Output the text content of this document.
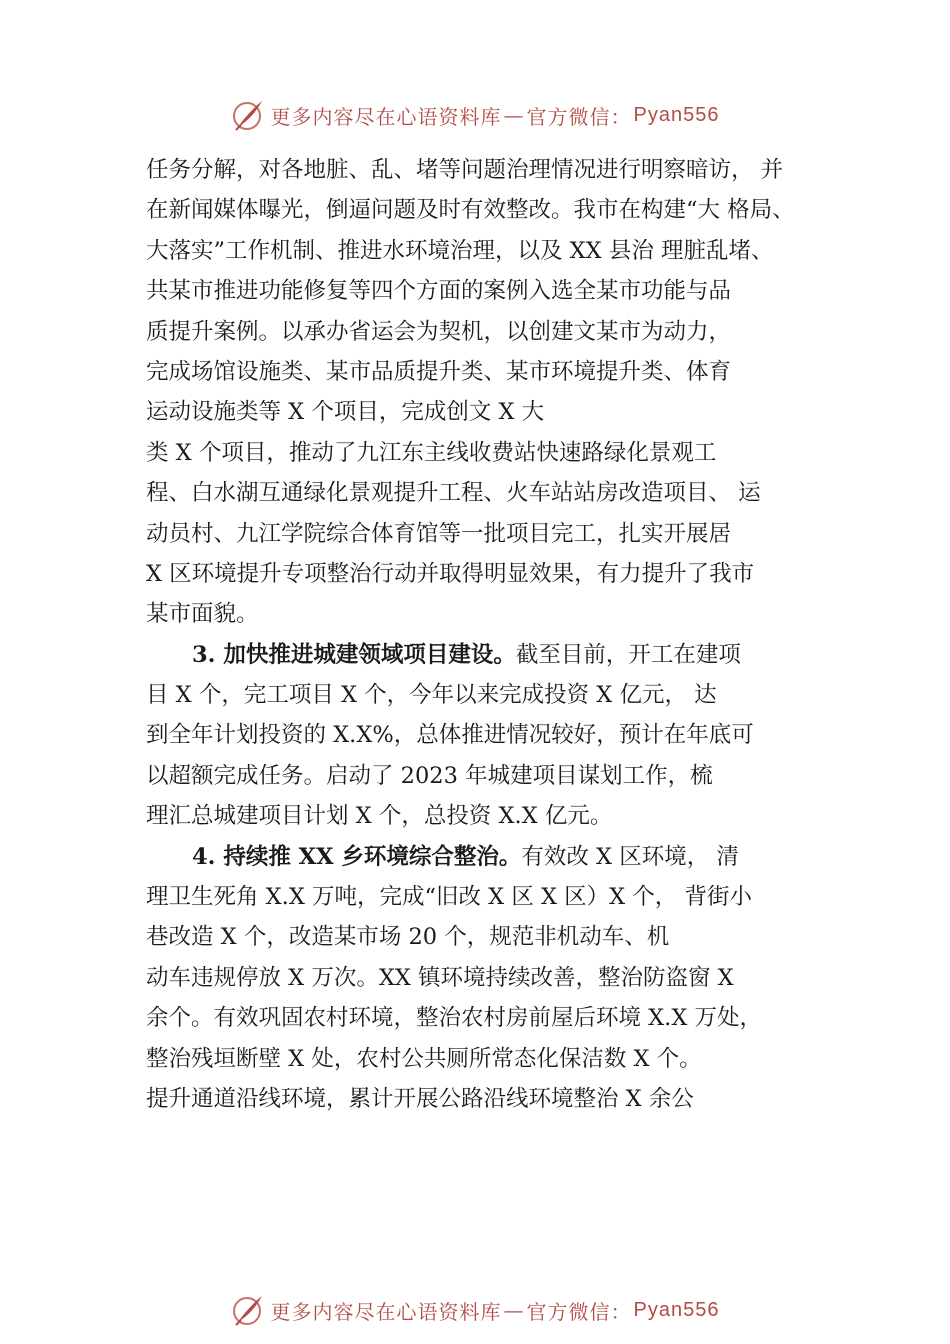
更多内容尽在心语资料库 — 官方微信： Pyan556
任务分解，对各地脏、乱、堵等问题治理情况进行明察暗访， 并
在新闻媒体曝光，倒逼问题及时有效整改。我市在构建“大 格局、
大落实”工作机制、推进水环境治理，以及 XX 县治 理脏乱堵、
共某市推进功能修复等四个方面的案例入选全某市功能与品
质提升案例。以承办省运会为契机，以创建文某市为动力，
完成场馆设施类、某市品质提升类、某市环境提升类、体育
运动设施类等 X 个项目，完成创文 X 大
类 X 个项目，推动了九江东主线收费站快速路绿化景观工
程、白水湖互通绿化景观提升工程、火车站站房改造项目、 运
动员村、九江学院综合体育馆等一批项目完工，扎实开展居
X 区环境提升专项整治行动并取得明显效果，有力提升了我市
某市面貌。
3. 加快推进城建领域项目建设。截至目前，开工在建项
目 X 个，完工项目 X 个，今年以来完成投资 X 亿元， 达
到全年计划投资的 X.X%，总体推进情况较好，预计在年底可
以超额完成任务。启动了 2023 年城建项目谋划工作，梳
理汇总城建项目计划 X 个，总投资 X.X 亿元。
4. 持续推 XX 乡环境综合整治。有效改 X 区环境， 清
理卫生死角 X.X 万吨，完成“旧改 X 区 X 区）X 个， 背街小
巷改造 X 个，改造某市场 20 个，规范非机动车、机
动车违规停放 X 万次。XX 镇环境持续改善，整治防盗窗 X
余个。有效巩固农村环境，整治农村房前屋后环境 X.X 万处，
整治残垣断壁 X 处，农村公共厕所常态化保洁数 X 个。
提升通道沿线环境，累计开展公路沿线环境整治 X 余公
更多内容尽在心语资料库 — 官方微信： Pyan556
